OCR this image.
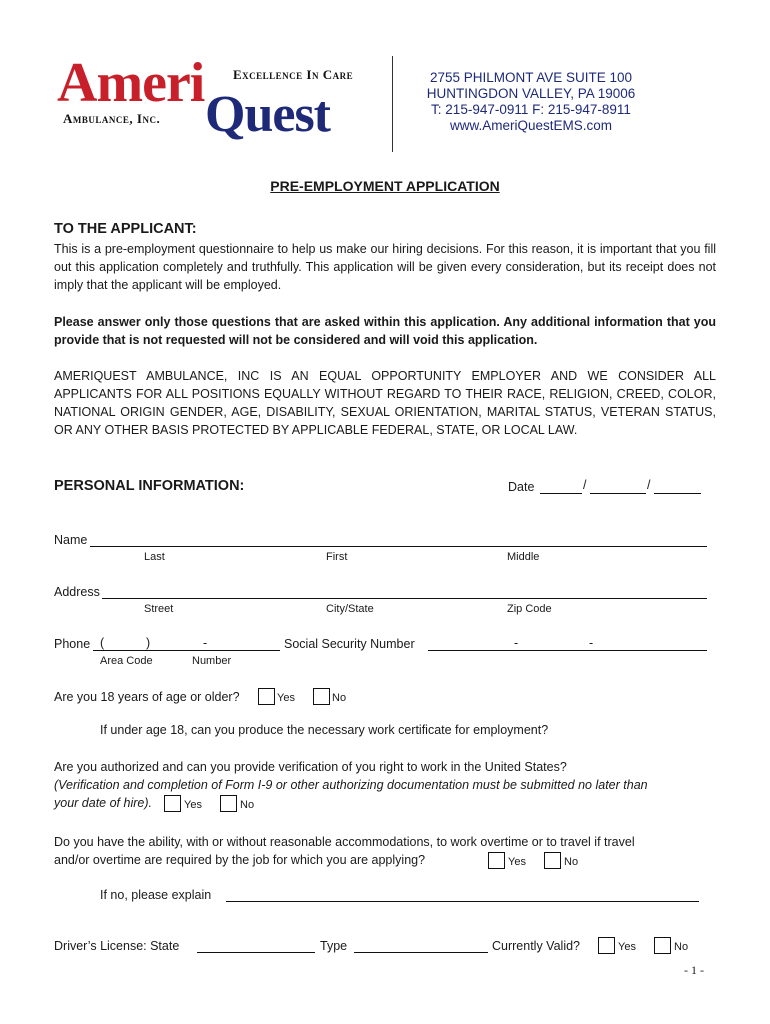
Ameri
Quest
Excellence In Care
Ambulance, Inc.
2755 PHILMONT AVE SUITE 100
HUNTINGDON VALLEY, PA 19006
T: 215-947-0911 F: 215-947-8911
www.AmeriQuestEMS.com
PRE-EMPLOYMENT APPLICATION
TO THE APPLICANT:
This is a pre-employment questionnaire to help us make our hiring decisions. For this reason, it is important that you fill out this application completely and truthfully. This application will be given every consideration, but its receipt does not imply that the applicant will be employed.
Please answer only those questions that are asked within this application. Any additional information that you provide that is not requested will not be considered and will void this application.
AMERIQUEST AMBULANCE, INC IS AN EQUAL OPPORTUNITY EMPLOYER AND WE CONSIDER ALL APPLICANTS FOR ALL POSITIONS EQUALLY WITHOUT REGARD TO THEIR RACE, RELIGION, CREED, COLOR, NATIONAL ORIGIN GENDER, AGE, DISABILITY, SEXUAL ORIENTATION, MARITAL STATUS, VETERAN STATUS, OR ANY OTHER BASIS PROTECTED BY APPLICABLE FEDERAL, STATE, OR LOCAL LAW.
PERSONAL INFORMATION:	Date	/	/
Name
Last	First	Middle
Address
Street	City/State	Zip Code
Phone (	)	-
Area Code	Number
Social Security Number	-	-
Are you 18 years of age or older?	Yes	No
If under age 18, can you produce the necessary work certificate for employment?
Are you authorized and can you provide verification of you right to work in the United States?
(Verification and completion of Form I-9 or other authorizing documentation must be submitted no later than
your date of hire).	Yes	No
Do you have the ability, with or without reasonable accommodations, to work overtime or to travel if travel
and/or overtime are required by the job for which you are applying?	Yes	No
If no, please explain
Driver’s License: State	Type	Currently Valid?	Yes	No
- 1 -
